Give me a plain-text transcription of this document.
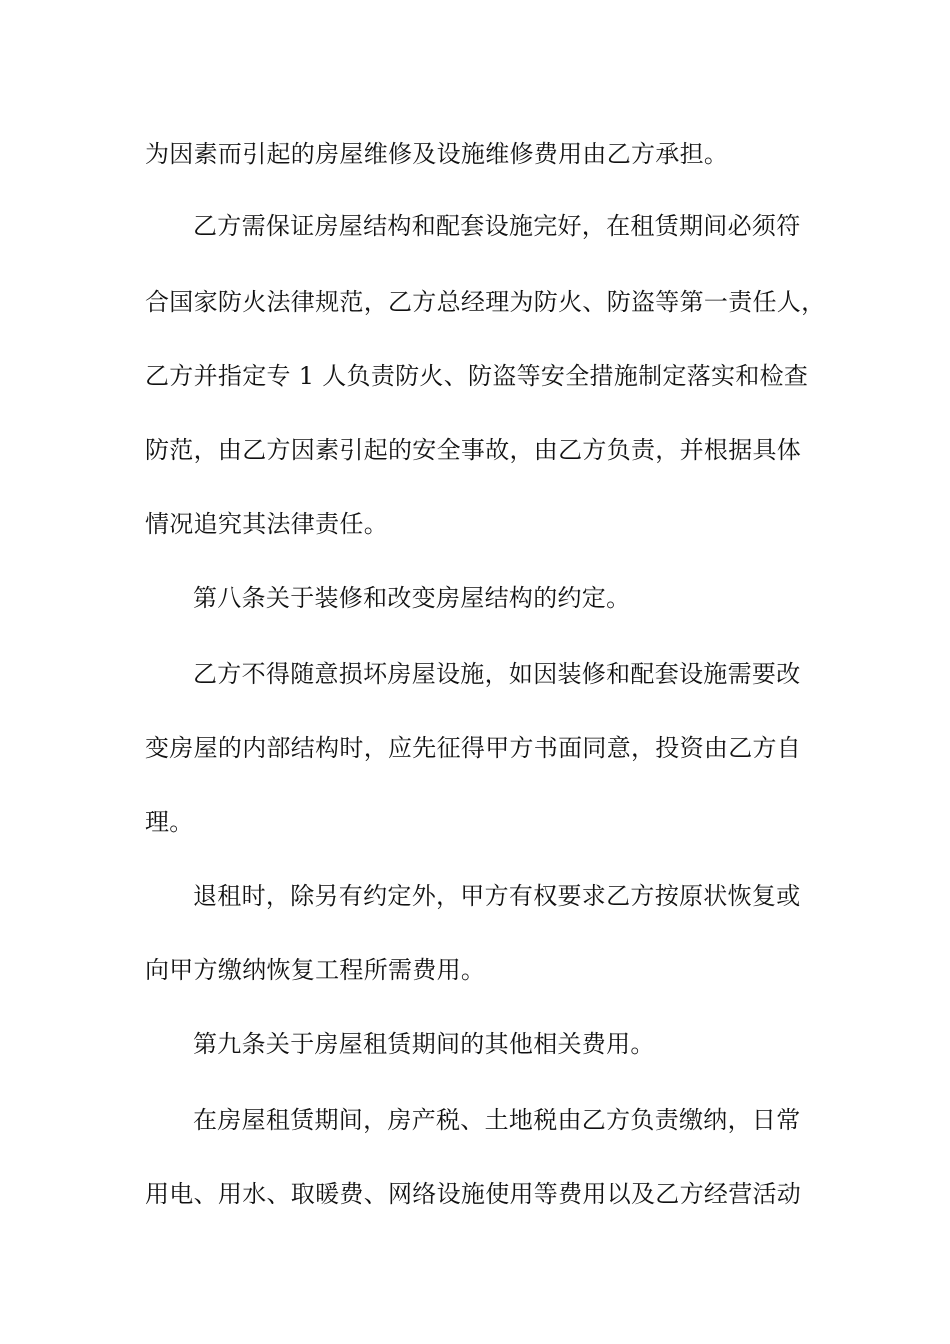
为因素而引起的房屋维修及设施维修费用由乙方承担。
乙方需保证房屋结构和配套设施完好，在租赁期间必须符
合国家防火法律规范，乙方总经理为防火、防盗等第一责任人，
乙方并指定专 1 人负责防火、防盗等安全措施制定落实和检查
防范，由乙方因素引起的安全事故，由乙方负责，并根据具体
情况追究其法律责任。
第八条关于装修和改变房屋结构的约定。
乙方不得随意损坏房屋设施，如因装修和配套设施需要改
变房屋的内部结构时，应先征得甲方书面同意，投资由乙方自
理。
退租时，除另有约定外，甲方有权要求乙方按原状恢复或
向甲方缴纳恢复工程所需费用。
第九条关于房屋租赁期间的其他相关费用。
在房屋租赁期间，房产税、土地税由乙方负责缴纳，日常
用电、用水、取暖费、网络设施使用等费用以及乙方经营活动
